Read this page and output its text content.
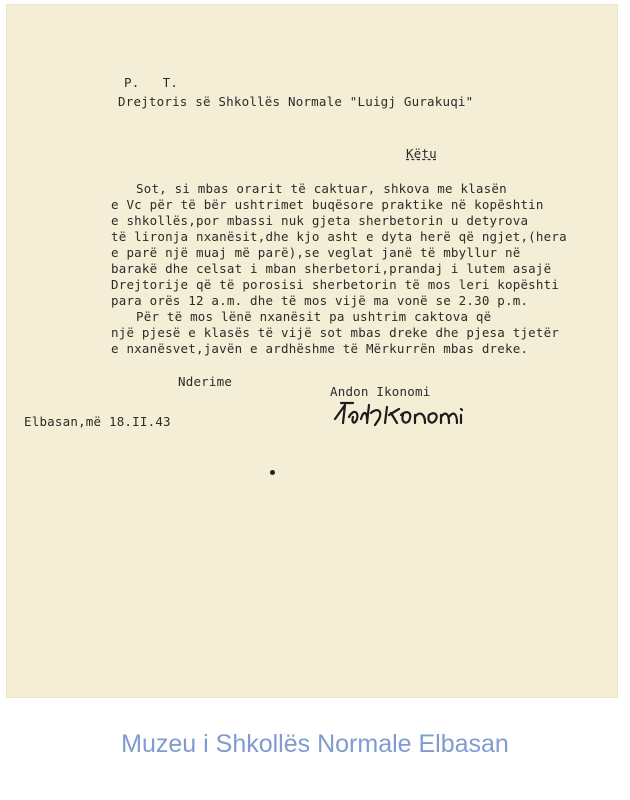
P.   T.

Drejtoris së Shkollës Normale "Luigj Gurakuqi"

Këtu

Sot, si mbas orarit të caktuar, shkova me klasën

e Vc për të bër ushtrimet buqësore praktike në kopështin

e shkollës,por mbassi nuk gjeta sherbetorin u detyrova

të lironja nxanësit,dhe kjo asht e dyta herë që ngjet,(hera

e parë një muaj më parë),se veglat janë të mbyllur në

barakë dhe celsat i mban sherbetori,prandaj i lutem asajë

Drejtorije që të porosisi sherbetorin të mos leri kopështi

para orës 12 a.m. dhe të mos vijë ma vonë se 2.30 p.m.

Për të mos lënë nxanësit pa ushtrim caktova që

një pjesë e klasës të vijë sot mbas dreke dhe pjesa tjetër

e nxanësvet,javën e ardhëshme të Mërkurrën mbas dreke.

Nderime

Andon Ikonomi

Elbasan,më 18.II.43

Muzeu i Shkollës Normale Elbasan
